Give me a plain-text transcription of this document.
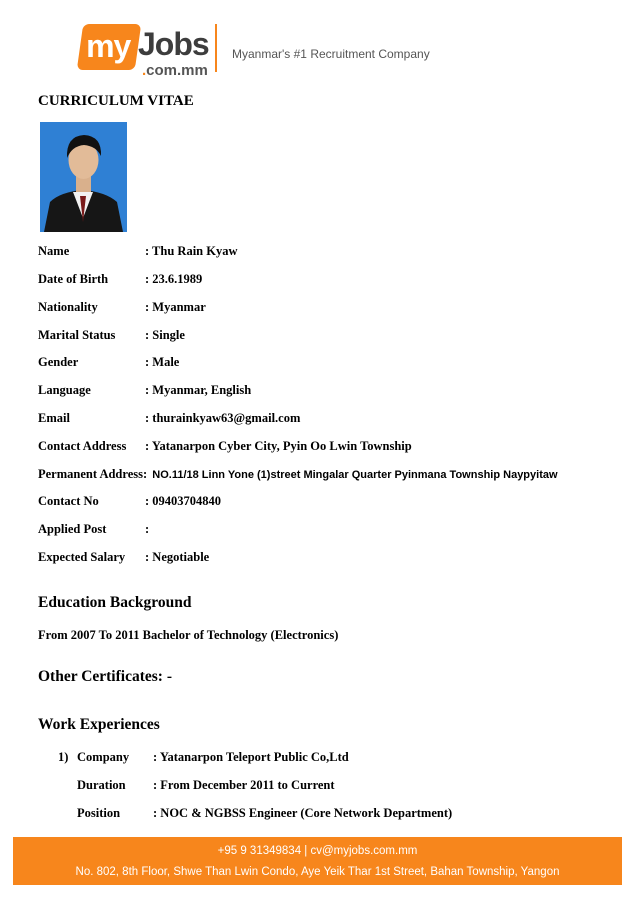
my Jobs
.com.mm
Myanmar's #1 Recruitment Company
CURRICULUM VITAE
Name	: Thu Rain Kyaw
Date of Birth	: 23.6.1989
Nationality	: Myanmar
Marital Status : Single
Gender	: Male
Language	: Myanmar, English
Email	: thurainkyaw63@gmail.com
Contact Address : Yatanarpon Cyber City, Pyin Oo Lwin Township
Permanent Address: NO.11/18 Linn Yone (1)street Mingalar Quarter Pyinmana Township Naypyitaw
Contact No	: 09403704840
Applied Post	:
Expected Salary : Negotiable
Education Background
From 2007 To 2011 Bachelor of Technology (Electronics)
Other Certificates: -
Work Experiences
1) Company : Yatanarpon Teleport Public Co,Ltd
Duration : From December 2011 to Current
Position	: NOC & NGBSS Engineer (Core Network Department)
+95 9 31349834 | cv@myjobs.com.mm
No. 802, 8th Floor, Shwe Than Lwin Condo, Aye Yeik Thar 1st Street, Bahan Township, Yangon
